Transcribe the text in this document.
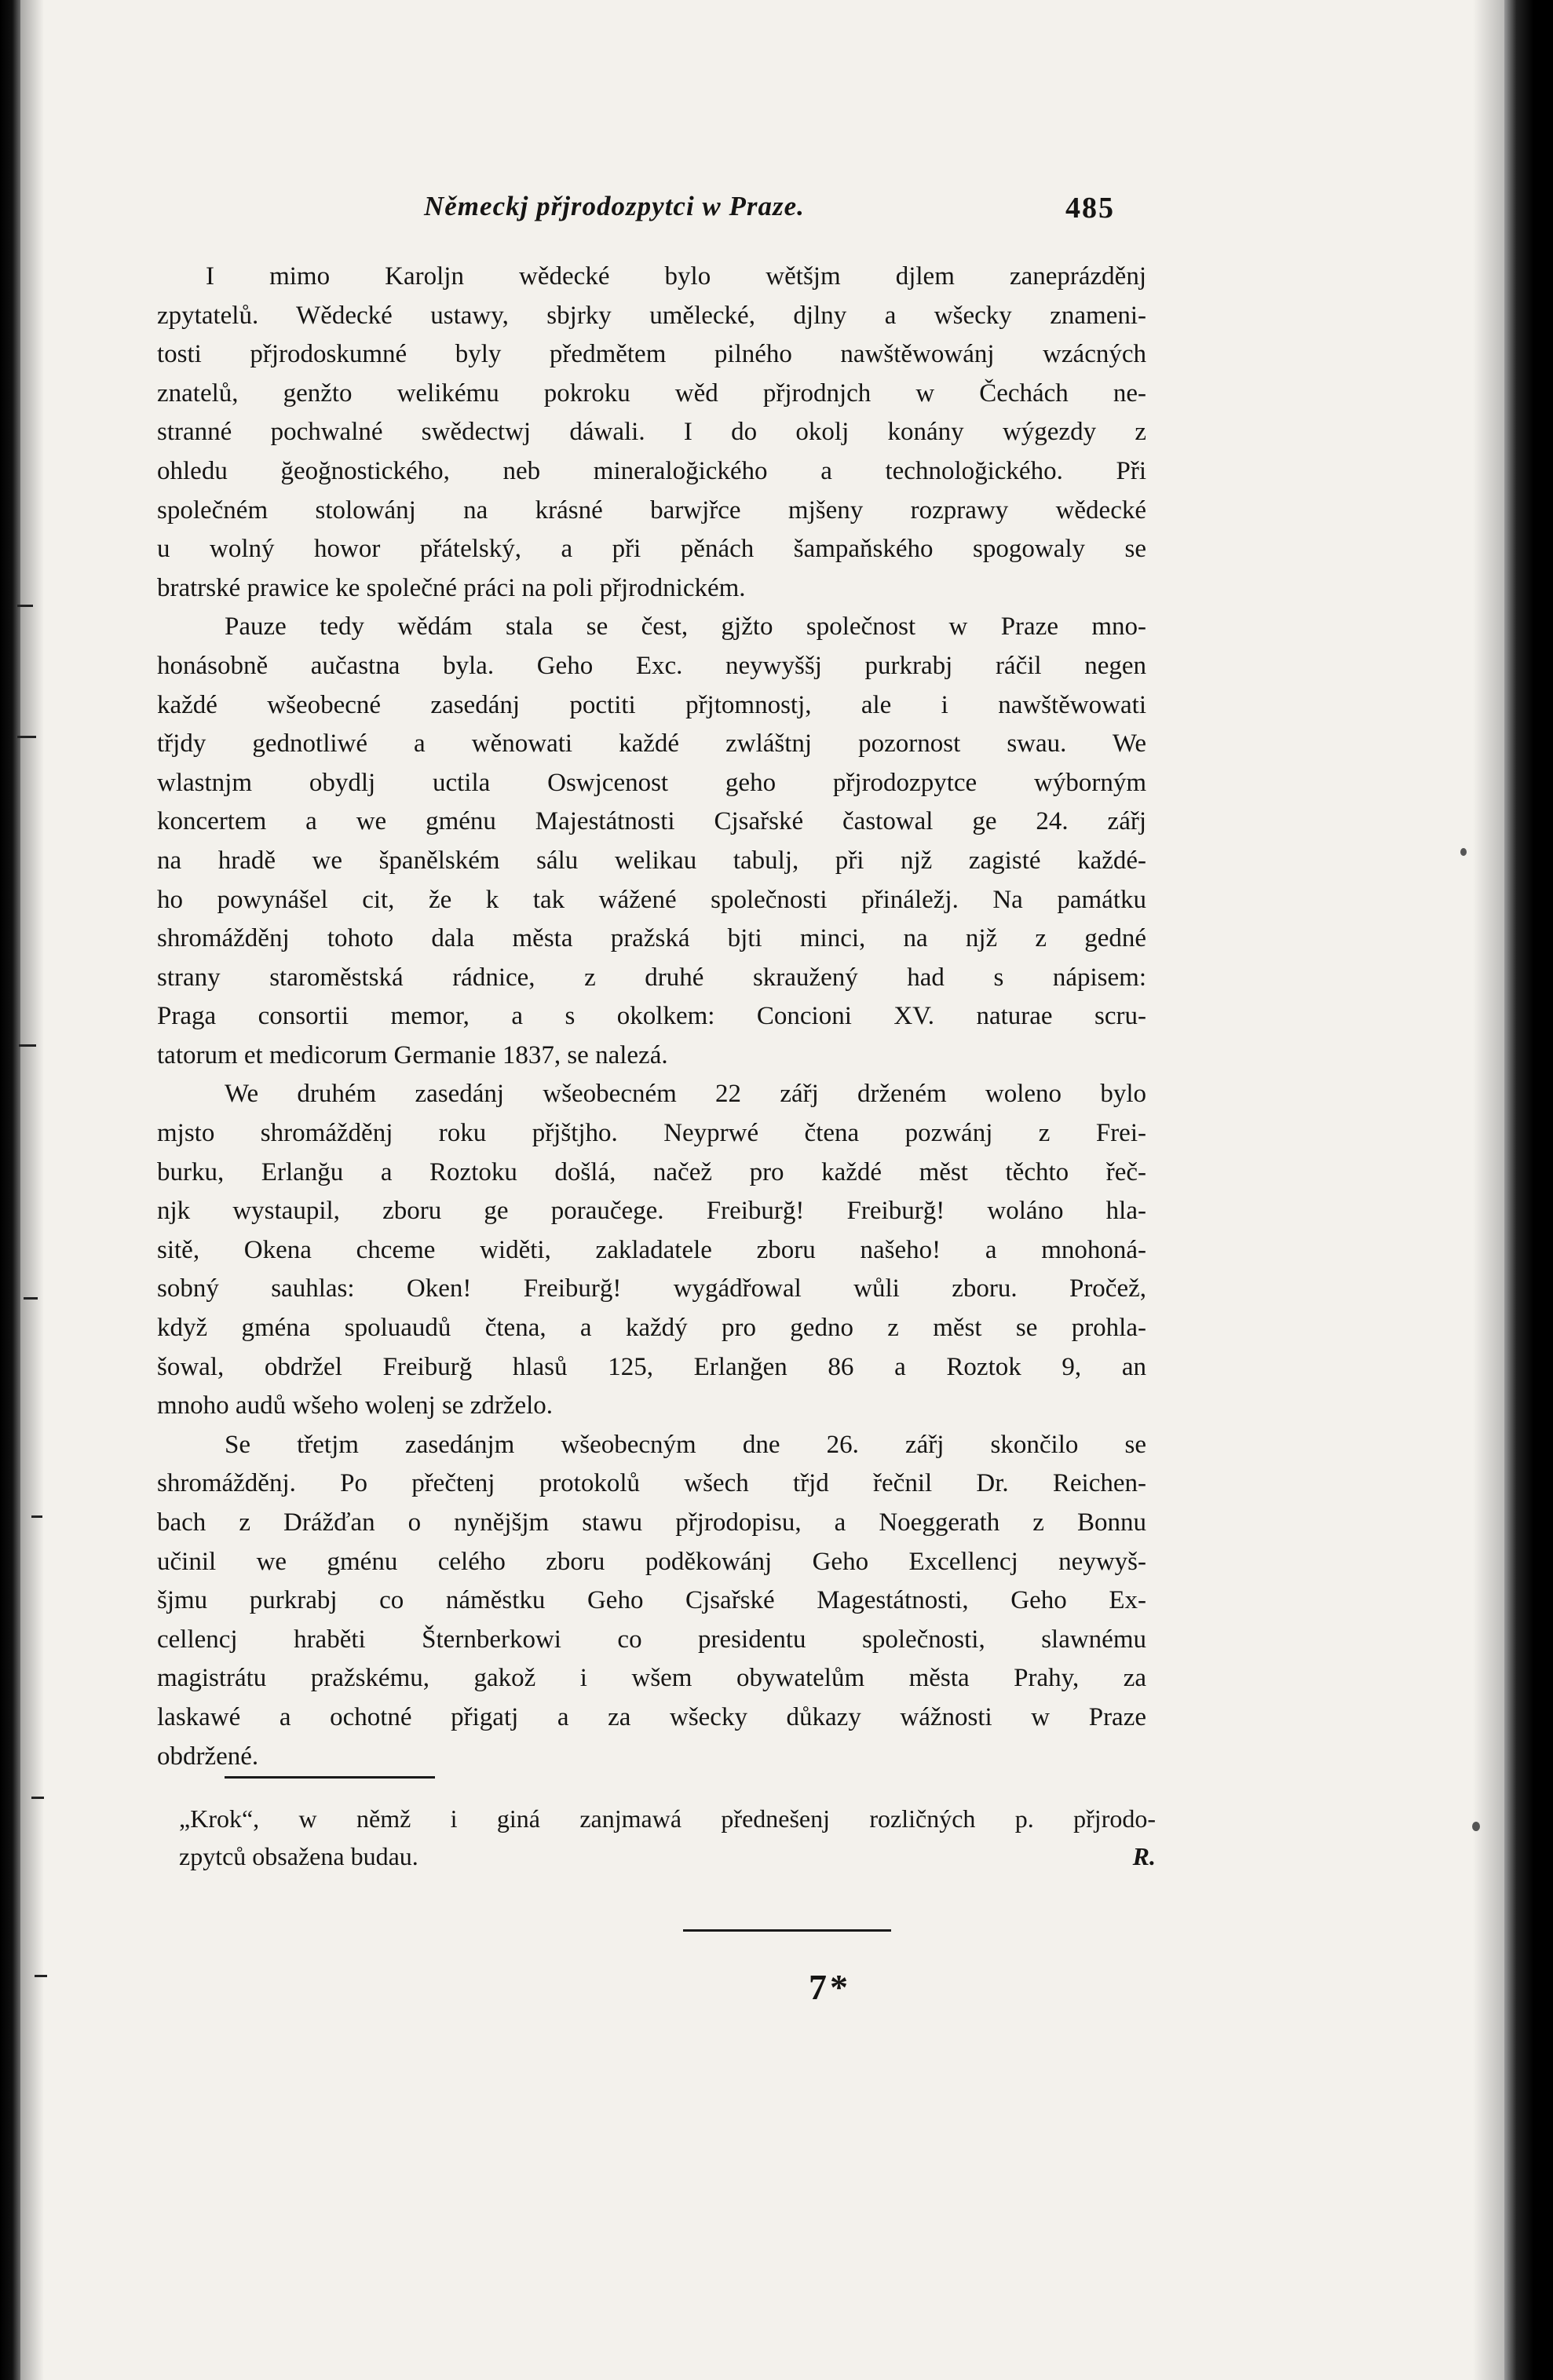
Německj přjrodozpytci w Praze.	485
I mimo Karolјn wědecké bylo wětšјm djlem zaneprázděnj
zpytatelů. Wědecké ustawy, sbjrky umělecké, djlny a wšecky znameni-
tosti přjrodoskumné byly předmětem pilného nawštěwowánj wzácných
znatelů, genžto welikému pokroku wěd přjrodnjch w Čechách ne-
stranné pochwalné swědectwj dáwali. I do okolj konány wýgezdy z
ohledu ğeoğnostického, neb mineraloğického a technoloğického. Při
společném stolowánj na krásné barwjřce mjšeny rozprawy wědecké
u wolný howor přátelský, a při pěnách šampaňského spogowaly se
bratrské prawice ke společné práci na poli přjrodnickém.
Pauze tedy wědám stala se čest, gjžto společnost w Praze mno-
honásobně aučastna byla. Geho Exc. neywyššj purkrabj ráčil negen
každé wšeobecné zasedánj poctiti přjtomnostj, ale i nawštěwowati
třjdy gednotliwé a wěnowati každé zwláštnj pozornost swau. We
wlastnjm obydlj uctila Oswjcenost geho přjrodozpytce wýborným
koncertem a we gménu Majestátnosti Cjsařské častowal ge 24. zářj
na hradě we španělském sálu welikau tabulj, při njž zagisté každé-
ho powynášel cit, že k tak wážené společnosti přináležj. Na památku
shromážděnj tohoto dala města pražská bjti minci, na njž z gedné
strany staroměstská rádnice, z druhé skraužený had s nápisem:
Praga consortii memor, a s okolkem: Concioni XV. naturae scru-
tatorum et medicorum Germanie 1837, se nalezá.
We druhém zasedánj wšeobecném 22 zářj drženém woleno bylo
mjsto shromážděnj roku přjštjho. Neyprwé čtena pozwánj z Frei-
burku, Erlanğu a Roztoku došlá, načež pro každé měst těchto řeč-
njk wystaupil, zboru ge poraučege. Freiburğ! Freiburğ! woláno hla-
sitě, Okena chceme widěti, zakladatele zboru našeho! a mnohoná-
sobný sauhlas: Oken! Freiburğ! wygádřowal wůli zboru. Pročež,
když gména spoluaudů čtena, a každý pro gedno z měst se prohla-
šowal, obdržel Freiburğ hlasů 125, Erlanğen 86 a Roztok 9, an
mnoho audů wšeho wolenj se zdrželo.
Se třetjm zasedánjm wšeobecným dne 26. zářj skončilo se
shromážděnj. Po přečtenj protokolů wšech třjd řečnil Dr. Reichen-
bach z Drážďan o nynějšjm stawu přjrodopisu, a Noeggerath z Bonnu
učinil we gménu celého zboru poděkowánj Geho Excellencj neywyš-
šjmu purkrabj co náměstku Geho Cjsařské Magestátnosti, Geho Ex-
cellencj hraběti Šternberkowi co presidentu společnosti, slawnému
magistrátu pražskému, gakož i wšem obywatelům města Prahy, za
laskawé a ochotné přigatj a za wšecky důkazy wážnosti w Praze
obdržené.
„Krok“, w němž i giná zanjmawá přednešenj rozličných p. přjrodo-
zpytců obsažena budau.	R.
7*
